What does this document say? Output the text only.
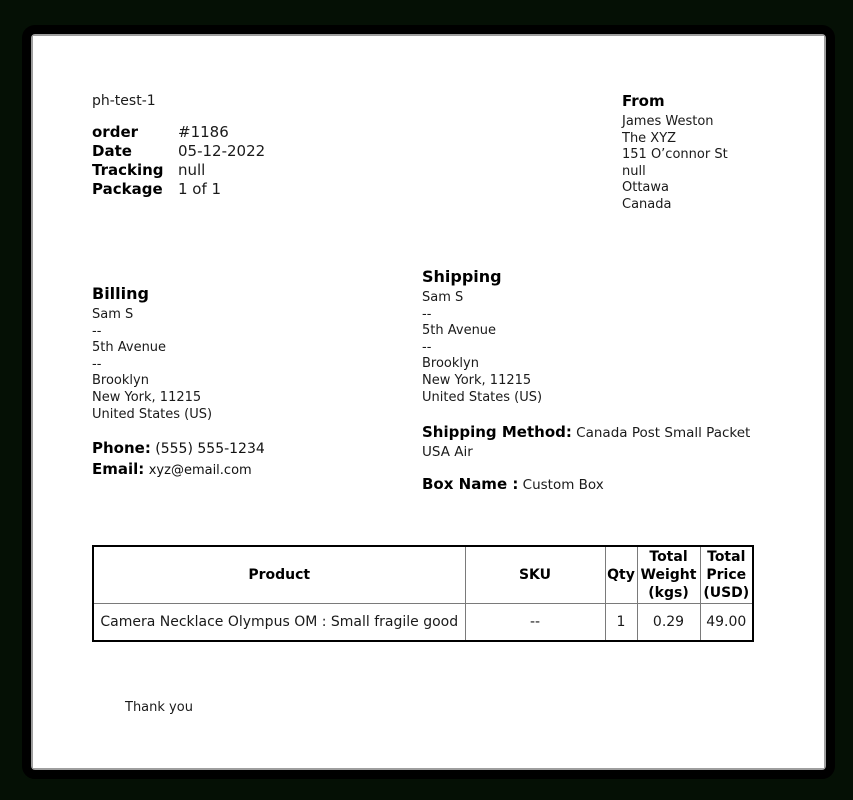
ph-test-1
order	#1186
Date	05-12-2022
Tracking null
Package	1 of 1
From
James Weston
The XYZ
151 O’connor St
null
Ottawa
Canada
Billing
Sam S
--
5th Avenue
--
Brooklyn
New York, 11215
United States (US)
Phone: (555) 555-1234
Email: xyz@email.com
Shipping
Sam S
--
5th Avenue
--
Brooklyn
New York, 11215
United States (US)
Shipping Method: Canada Post Small Packet USA Air
Box Name : Custom Box
Product	SKU	Qty	Total Weight (kgs)	Total Price (USD)
Camera Necklace Olympus OM : Small fragile good	--	1	0.29	49.00
Thank you
